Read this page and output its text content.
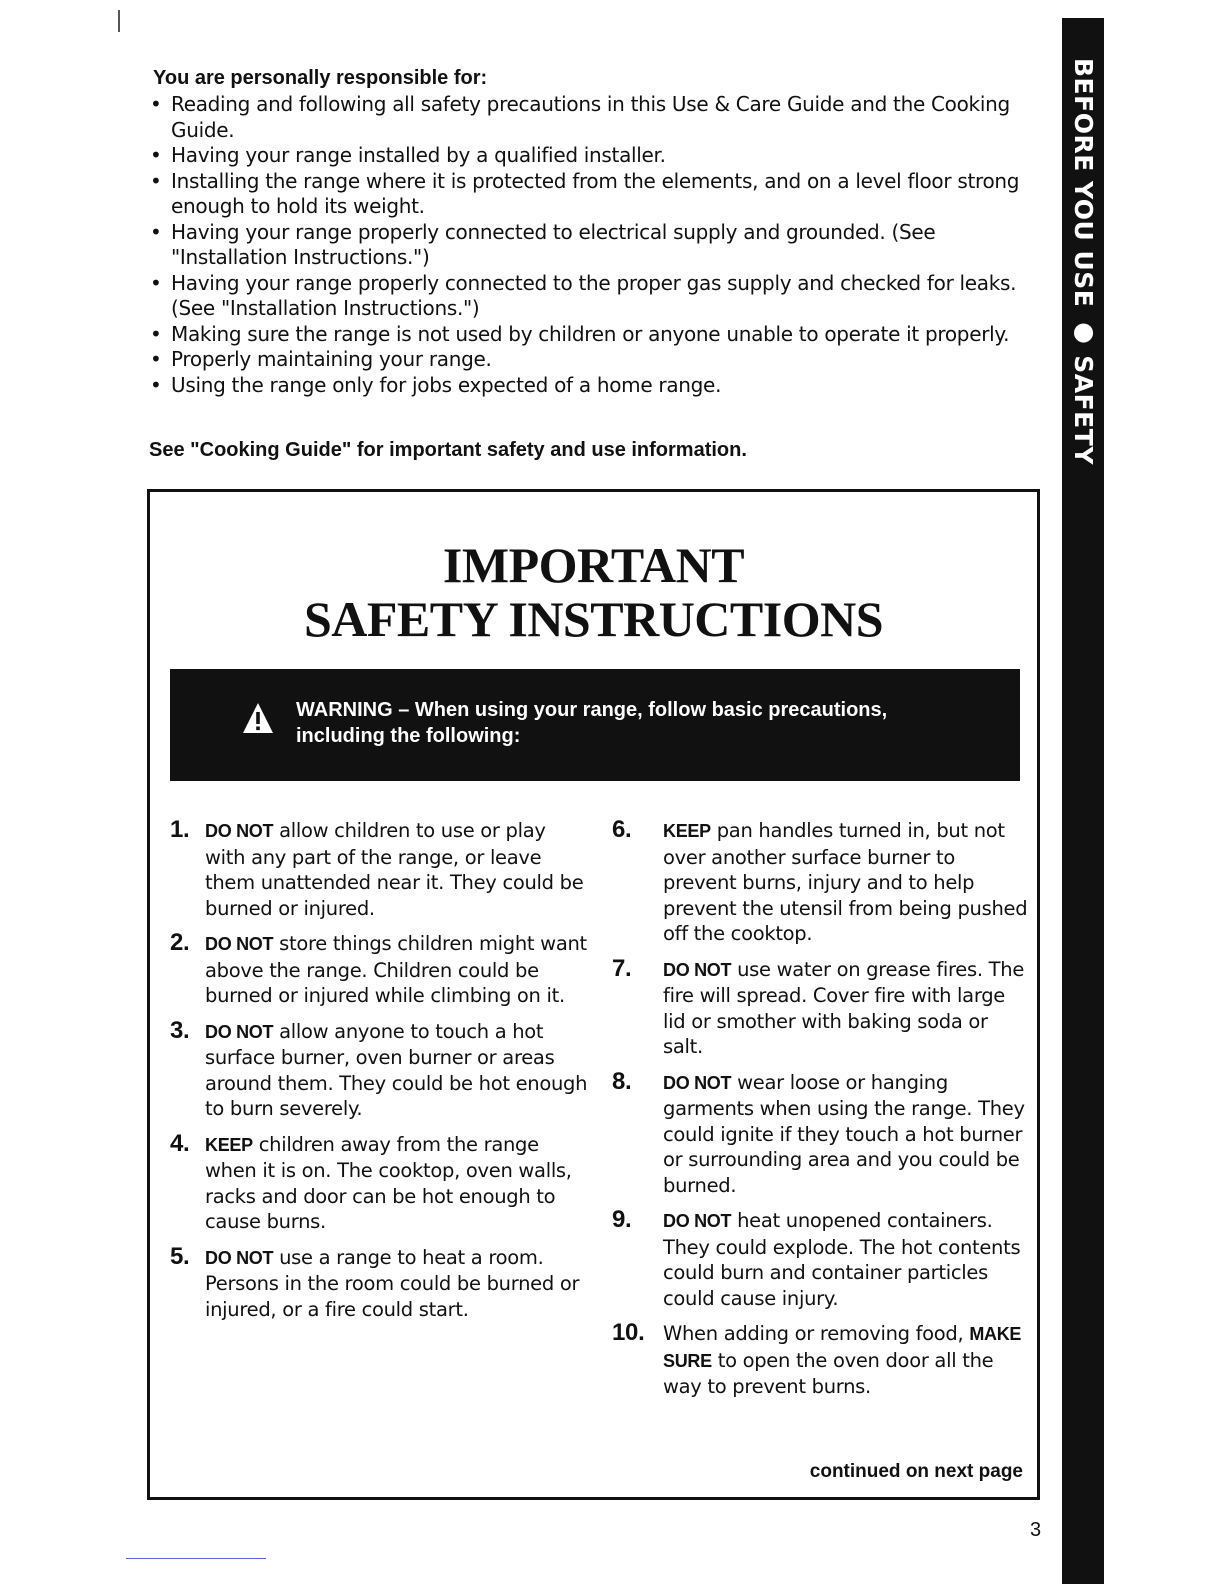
BEFORE YOU USE ● SAFETY

You are personally responsible for:

• Reading and following all safety precautions in this Use & Care Guide and the Cooking Guide.
• Having your range installed by a qualified installer.
• Installing the range where it is protected from the elements, and on a level floor strong enough to hold its weight.
• Having your range properly connected to electrical supply and grounded. (See "Installation Instructions.")
• Having your range properly connected to the proper gas supply and checked for leaks. (See "Installation Instructions.")
• Making sure the range is not used by children or anyone unable to operate it properly.
• Properly maintaining your range.
• Using the range only for jobs expected of a home range.

See "Cooking Guide" for important safety and use information.

IMPORTANT
SAFETY INSTRUCTIONS
WARNING – When using your range, follow basic precautions,
including the following:
1. DO NOT allow children to use or play with any part of the range, or leave them unattended near it. They could be burned or injured.
2. DO NOT store things children might want above the range. Children could be burned or injured while climbing on it.
3. DO NOT allow anyone to touch a hot surface burner, oven burner or areas around them. They could be hot enough to burn severely.
4. KEEP children away from the range when it is on. The cooktop, oven walls, racks and door can be hot enough to cause burns.
5. DO NOT use a range to heat a room. Persons in the room could be burned or injured, or a fire could start.
6. KEEP pan handles turned in, but not over another surface burner to prevent burns, injury and to help prevent the utensil from being pushed off the cooktop.
7. DO NOT use water on grease fires. The fire will spread. Cover fire with large lid or smother with baking soda or salt.
8. DO NOT wear loose or hanging garments when using the range. They could ignite if they touch a hot burner or surrounding area and you could be burned.
9. DO NOT heat unopened containers. They could explode. The hot contents could burn and container particles could cause injury.
10. When adding or removing food, MAKE SURE to open the oven door all the way to prevent burns.

continued on next page

3
